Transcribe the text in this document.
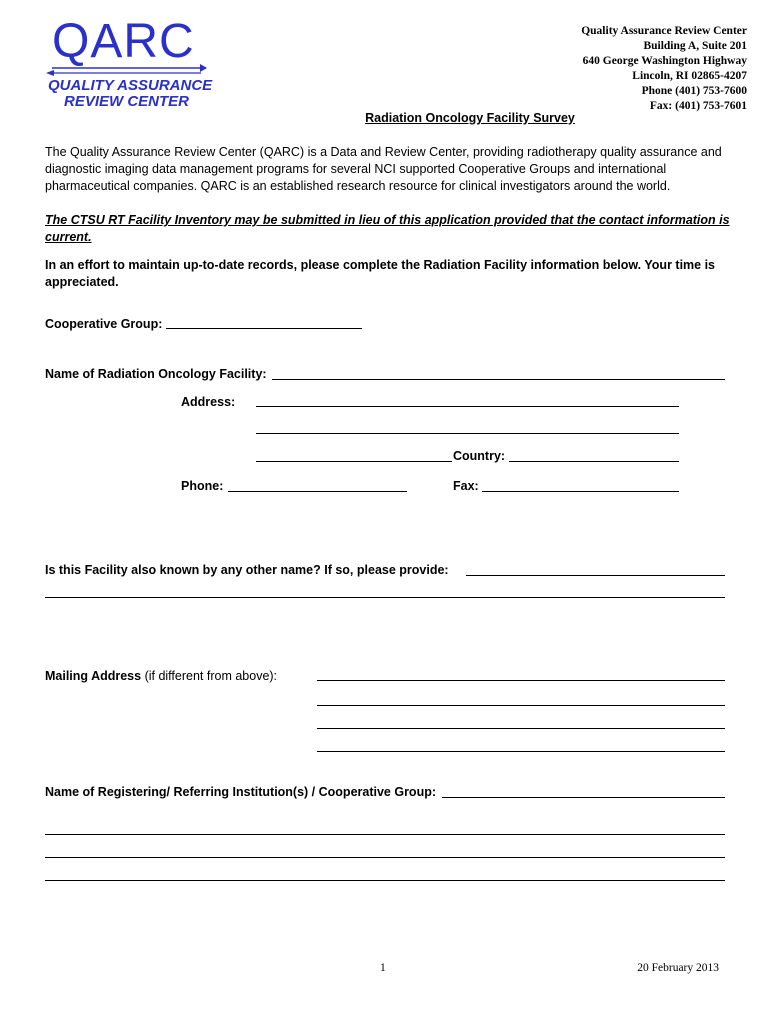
QARC
QUALITY ASSURANCE
REVIEW CENTER
Quality Assurance Review Center
Building A, Suite 201
640 George Washington Highway
Lincoln, RI 02865-4207
Phone (401) 753-7600
Fax: (401) 753-7601
Radiation Oncology Facility Survey
The Quality Assurance Review Center (QARC) is a Data and Review Center, providing radiotherapy quality assurance and diagnostic imaging data management programs for several NCI supported Cooperative Groups and international pharmaceutical companies. QARC is an established research resource for clinical investigators around the world.
The CTSU RT Facility Inventory may be submitted in lieu of this application provided that the contact information is current.
In an effort to maintain up-to-date records, please complete the Radiation Facility information below. Your time is appreciated.
Cooperative Group:
Name of Radiation Oncology Facility:
Address:
Country:
Phone:	Fax:
Is this Facility also known by any other name? If so, please provide:
Mailing Address (if different from above):
Name of Registering/ Referring Institution(s) / Cooperative Group:
1	20 February 2013
